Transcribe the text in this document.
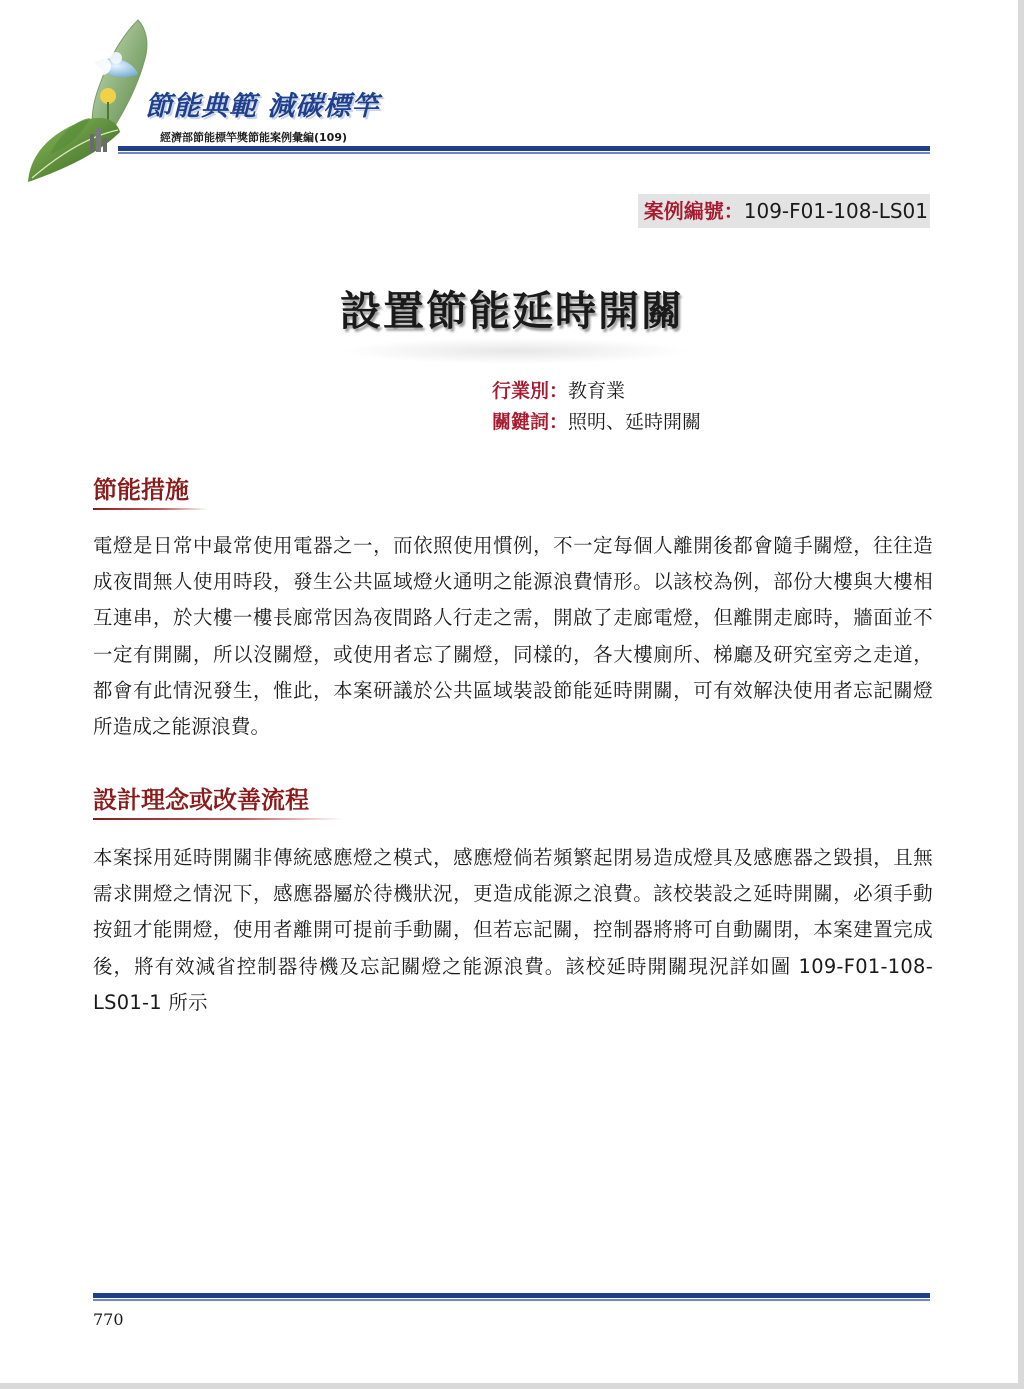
節能典範 減碳標竿
經濟部節能標竿獎節能案例彙編(109)
案例編號：109-F01-108-LS01
設置節能延時開關
行業別：教育業
關鍵詞：照明、延時開關
節能措施
電燈是日常中最常使用電器之一，而依照使用慣例，不一定每個人離開後都會隨手關燈，往往造成夜間無人使用時段，發生公共區域燈火通明之能源浪費情形。以該校為例，部份大樓與大樓相互連串，於大樓一樓長廊常因為夜間路人行走之需，開啟了走廊電燈，但離開走廊時，牆面並不一定有開關，所以沒關燈，或使用者忘了關燈，同樣的，各大樓廁所、梯廳及研究室旁之走道，都會有此情況發生，惟此，本案研議於公共區域裝設節能延時開關，可有效解決使用者忘記關燈所造成之能源浪費。
設計理念或改善流程
本案採用延時開關非傳統感應燈之模式，感應燈倘若頻繁起閉易造成燈具及感應器之毀損，且無需求開燈之情況下，感應器屬於待機狀況，更造成能源之浪費。該校裝設之延時開關，必須手動按鈕才能開燈，使用者離開可提前手動關，但若忘記關，控制器將將可自動關閉，本案建置完成後，將有效減省控制器待機及忘記關燈之能源浪費。該校延時開關現況詳如圖 109-F01-108-LS01-1 所示
770
